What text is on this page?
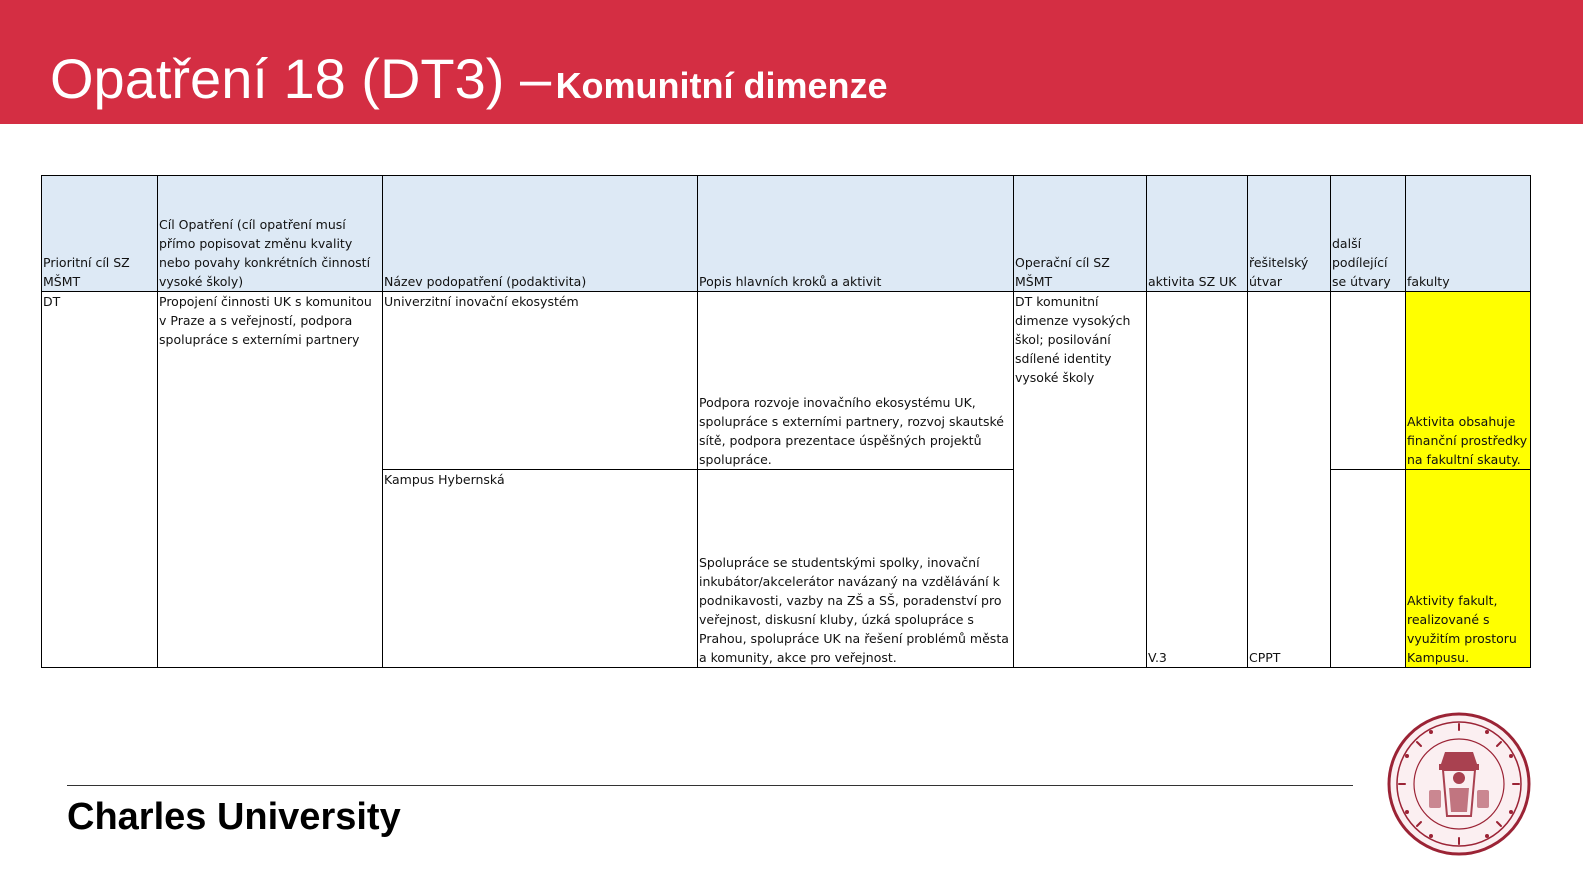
Opatření 18 (DT3) – Komunitní dimenze
Prioritní cíl SZ MŠMT	Cíl Opatření (cíl opatření musí přímo popisovat změnu kvality nebo povahy konkrétních činností vysoké školy)	Název podopatření (podaktivita)	Popis hlavních kroků a aktivit	Operační cíl SZ MŠMT	aktivita SZ UK	řešitelský útvar	další podílející se útvary	fakulty
DT	Propojení činnosti UK s komunitou v Praze a s veřejností, podpora spolupráce s externími partnery	Univerzitní inovační ekosystém	Podpora rozvoje inovačního ekosystému UK, spolupráce s externími partnery, rozvoj skautské sítě, podpora prezentace úspěšných projektů spolupráce.	DT komunitní dimenze vysokých škol; posilování sdílené identity vysoké školy	V.3	CPPT		Aktivita obsahuje finanční prostředky na fakultní skauty.
		Kampus Hybernská	Spolupráce se studentskými spolky, inovační inkubátor/akcelerátor navázaný na vzdělávání k podnikavosti, vazby na ZŠ a SŠ, poradenství pro veřejnost, diskusní kluby, úzká spolupráce s Prahou, spolupráce UK na řešení problémů města a komunity, akce pro veřejnost.					Aktivity fakult, realizované s využitím prostoru Kampusu.
Charles University
